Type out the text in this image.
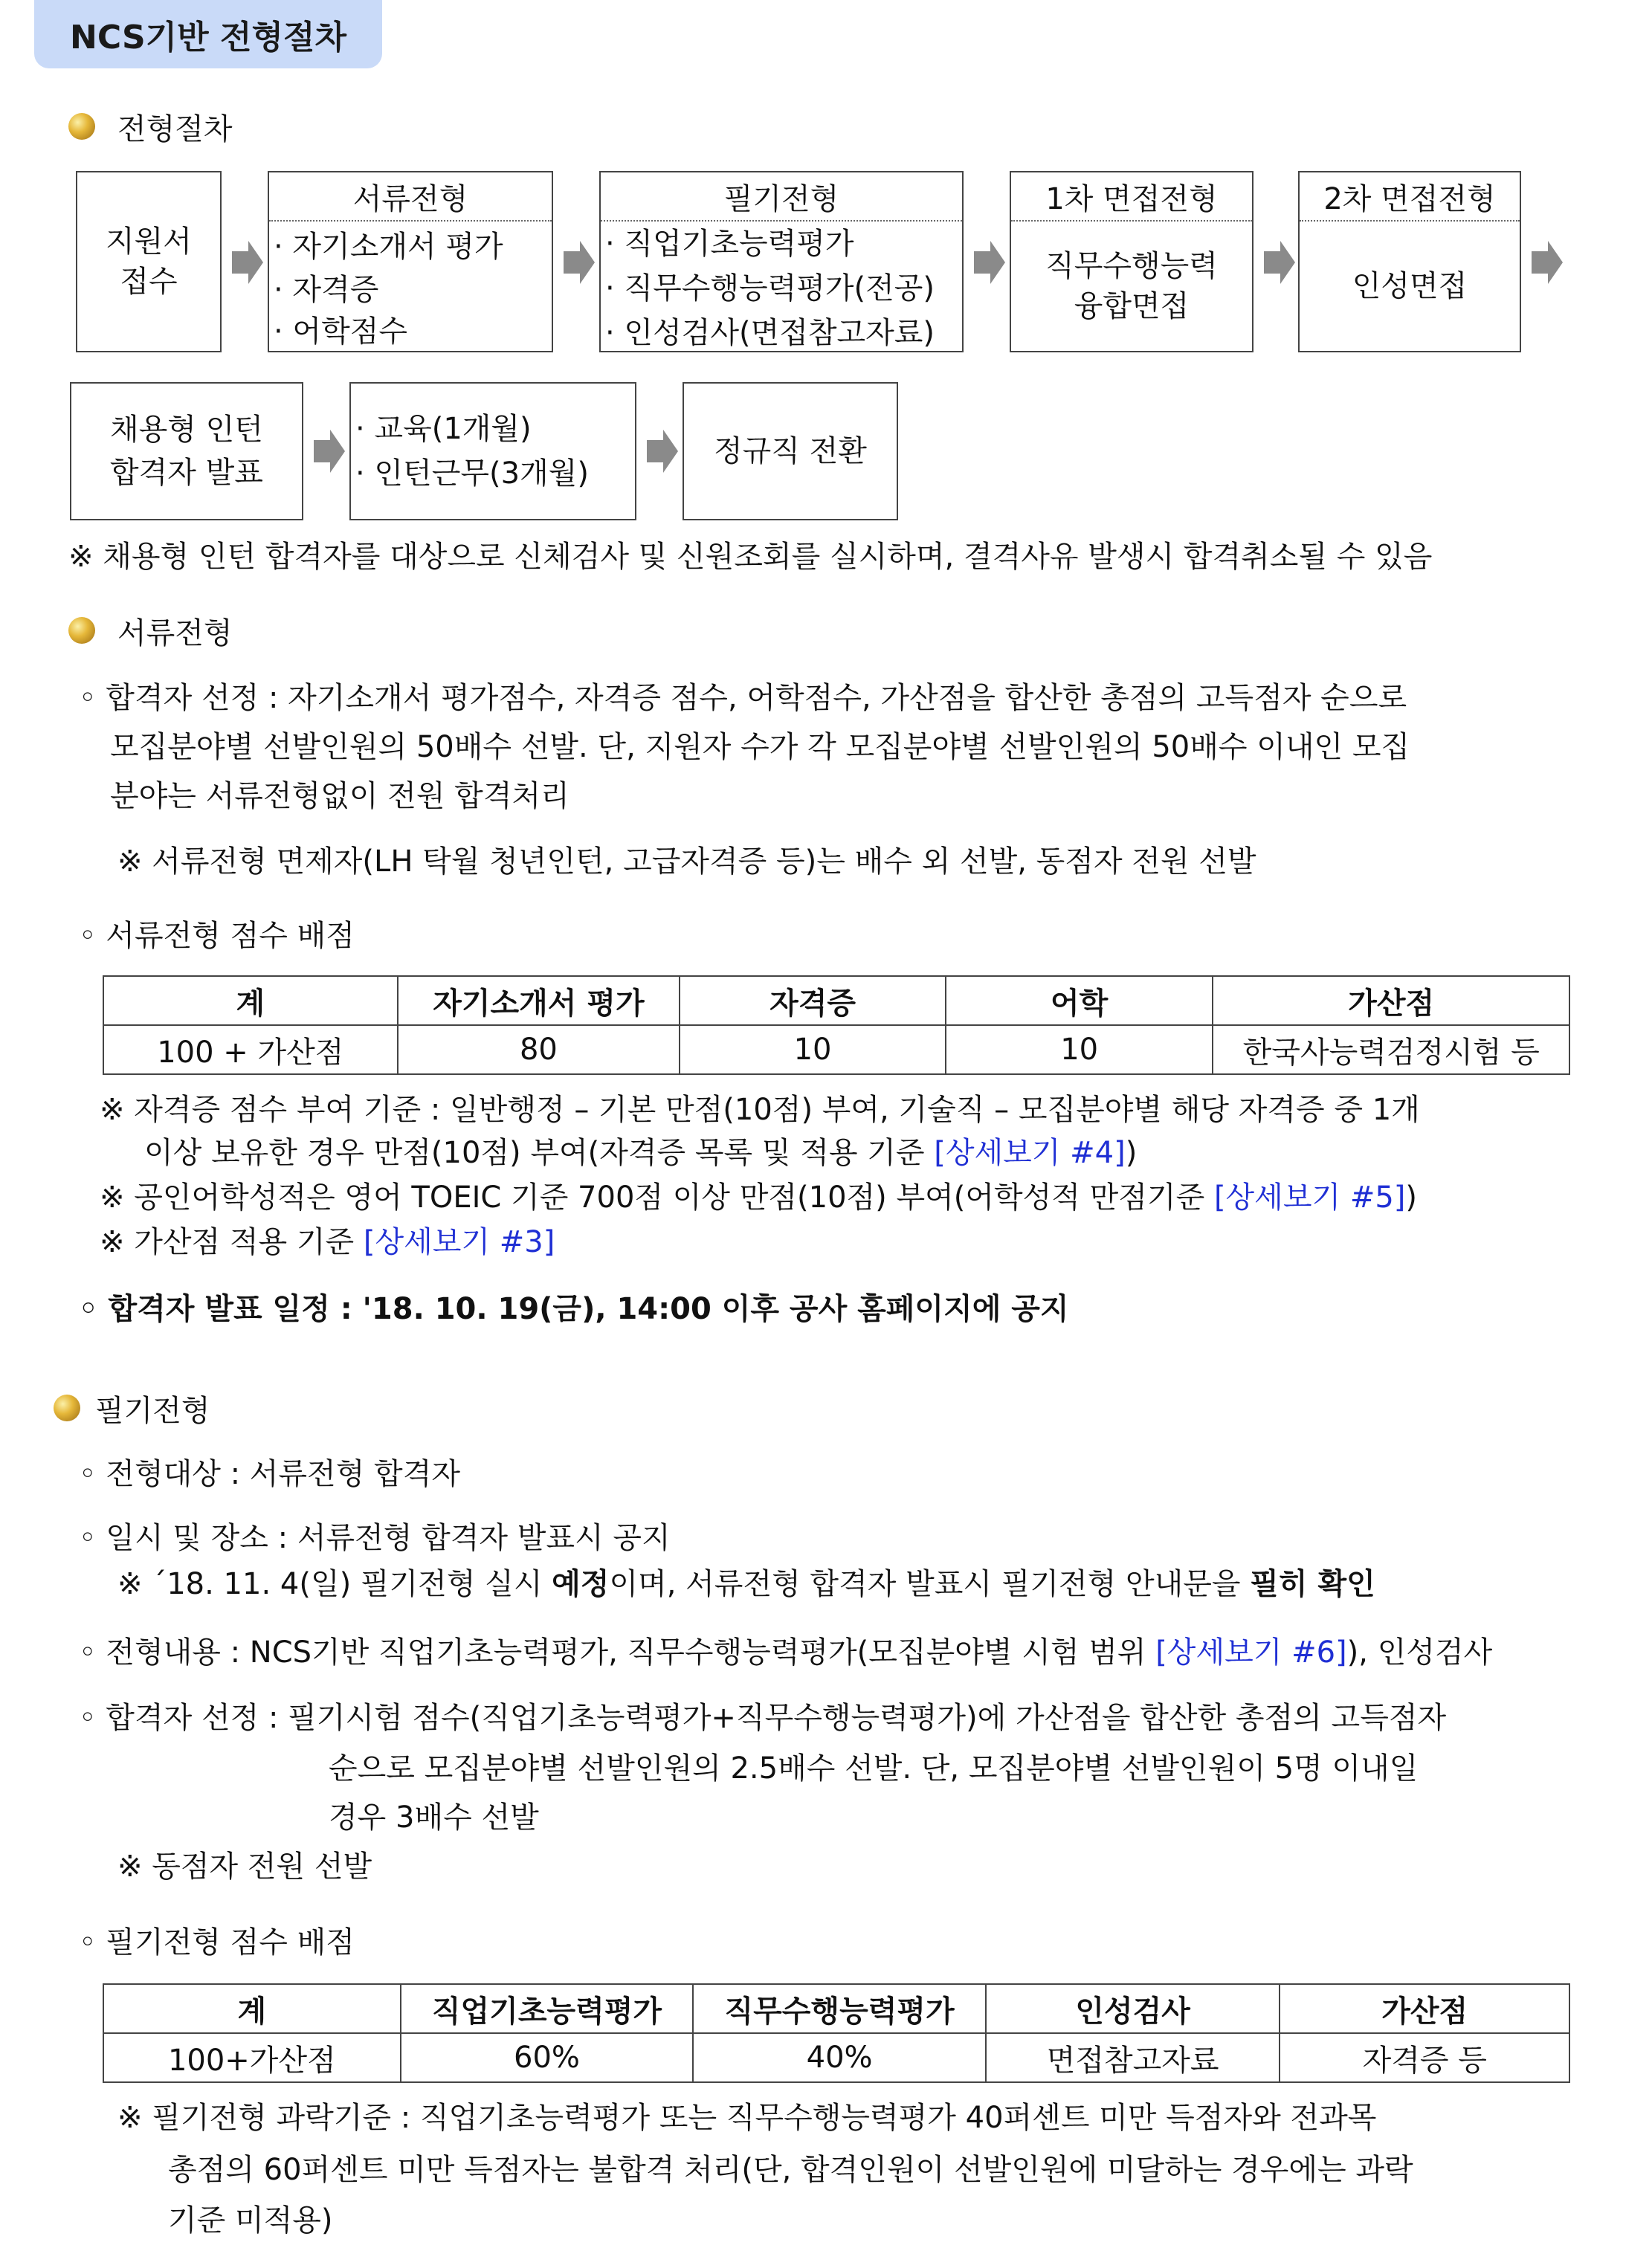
NCS기반 전형절차
전형절차
지원서
접수
서류전형
· 자기소개서 평가
· 자격증
· 어학점수
필기전형
· 직업기초능력평가
· 직무수행능력평가(전공)
· 인성검사(면접참고자료)
1차 면접전형
직무수행능력
융합면접
2차 면접전형
인성면접
채용형 인턴
합격자 발표
· 교육(1개월)
· 인턴근무(3개월)
정규직 전환
※ 채용형 인턴 합격자를 대상으로 신체검사 및 신원조회를 실시하며, 결격사유 발생시 합격취소될 수 있음
서류전형
◦ 합격자 선정 : 자기소개서 평가점수, 자격증 점수, 어학점수, 가산점을 합산한 총점의 고득점자 순으로
모집분야별 선발인원의 50배수 선발. 단, 지원자 수가 각 모집분야별 선발인원의 50배수 이내인 모집
분야는 서류전형없이 전원 합격처리
※ 서류전형 면제자(LH 탁월 청년인턴, 고급자격증 등)는 배수 외 선발, 동점자 전원 선발
◦ 서류전형 점수 배점
계	자기소개서 평가	자격증	어학	가산점
100 + 가산점	80	10	10	한국사능력검정시험 등
※ 자격증 점수 부여 기준 : 일반행정 – 기본 만점(10점) 부여, 기술직 – 모집분야별 해당 자격증 중 1개
이상 보유한 경우 만점(10점) 부여(자격증 목록 및 적용 기준 [상세보기 #4])
※ 공인어학성적은 영어 TOEIC 기준 700점 이상 만점(10점) 부여(어학성적 만점기준 [상세보기 #5])
※ 가산점 적용 기준 [상세보기 #3]
◦ 합격자 발표 일정 : '18. 10. 19(금), 14:00 이후 공사 홈페이지에 공지
필기전형
◦ 전형대상 : 서류전형 합격자
◦ 일시 및 장소 : 서류전형 합격자 발표시 공지
※ ´18. 11. 4(일) 필기전형 실시 예정이며, 서류전형 합격자 발표시 필기전형 안내문을 필히 확인
◦ 전형내용 : NCS기반 직업기초능력평가, 직무수행능력평가(모집분야별 시험 범위 [상세보기 #6]), 인성검사
◦ 합격자 선정 : 필기시험 점수(직업기초능력평가+직무수행능력평가)에 가산점을 합산한 총점의 고득점자
순으로 모집분야별 선발인원의 2.5배수 선발. 단, 모집분야별 선발인원이 5명 이내일
경우 3배수 선발
※ 동점자 전원 선발
◦ 필기전형 점수 배점
계	직업기초능력평가	직무수행능력평가	인성검사	가산점
100+가산점	60%	40%	면접참고자료	자격증 등
※ 필기전형 과락기준 : 직업기초능력평가 또는 직무수행능력평가 40퍼센트 미만 득점자와 전과목
총점의 60퍼센트 미만 득점자는 불합격 처리(단, 합격인원이 선발인원에 미달하는 경우에는 과락
기준 미적용)
